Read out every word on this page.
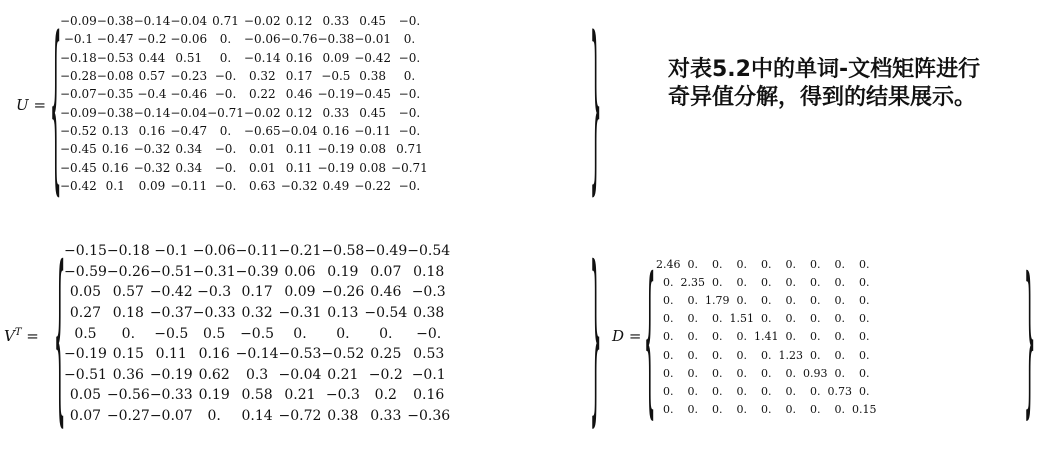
U = {
−0.09	−0.38	−0.14	−0.04	0.71	−0.02	0.12	0.33	0.45	−0.
−0.1	−0.47	−0.2	−0.06	0.	−0.06	−0.76	−0.38	−0.01	0.
−0.18	−0.53	0.44	0.51	0.	−0.14	0.16	0.09	−0.42	−0.
−0.28	−0.08	0.57	−0.23	−0.	0.32	0.17	−0.5	0.38	0.
−0.07	−0.35	−0.4	−0.46	−0.	0.22	0.46	−0.19	−0.45	−0.
−0.09	−0.38	−0.14	−0.04	−0.71	−0.02	0.12	0.33	0.45	−0.
−0.52	0.13	0.16	−0.47	0.	−0.65	−0.04	0.16	−0.11	−0.
−0.45	0.16	−0.32	0.34	−0.	0.01	0.11	−0.19	0.08	0.71
−0.45	0.16	−0.32	0.34	−0.	0.01	0.11	−0.19	0.08	−0.71
−0.42	0.1	0.09	−0.11	−0.	0.63	−0.32	0.49	−0.22	−0.	}	对表5.2中的单词-文档矩阵进行奇异值分解，得到的结果展示。

$V^T$ = {
−0.15	−0.18	−0.1	−0.06	−0.11	−0.21	−0.58	−0.49	−0.54
−0.59	−0.26	−0.51	−0.31	−0.39	0.06	0.19	0.07	0.18
0.05	0.57	−0.42	−0.3	0.17	0.09	−0.26	0.46	−0.3
0.27	0.18	−0.37	−0.33	0.32	−0.31	0.13	−0.54	0.38
0.5	0.	−0.5	0.5	−0.5	0.	0.	0.	−0.
−0.19	0.15	0.11	0.16	−0.14	−0.53	−0.52	0.25	0.53
−0.51	0.36	−0.19	0.62	0.3	−0.04	0.21	−0.2	−0.1
0.05	−0.56	−0.33	0.19	0.58	0.21	−0.3	0.2	0.16
0.07	−0.27	−0.07	0.	0.14	−0.72	0.38	0.33	−0.36	} D = { 2.46	0.	0.	0.	0.	0.	0.	0.	0.
0.	2.35	0.	0.	0.	0.	0.	0.	0.
0.	0.	1.79	0.	0.	0.	0.	0.	0.
0.	0.	0.	1.51	0.	0.	0.	0.	0.
0.	0.	0.	0.	1.41	0.	0.	0.	0.
0.	0.	0.	0.	0.	1.23	0.	0.	0.
0.	0.	0.	0.	0.	0.	0.93	0.	0.
0.	0.	0.	0.	0.	0.	0.	0.73	0.
0.	0.	0.	0.	0.	0.	0.	0.	0.15	}
